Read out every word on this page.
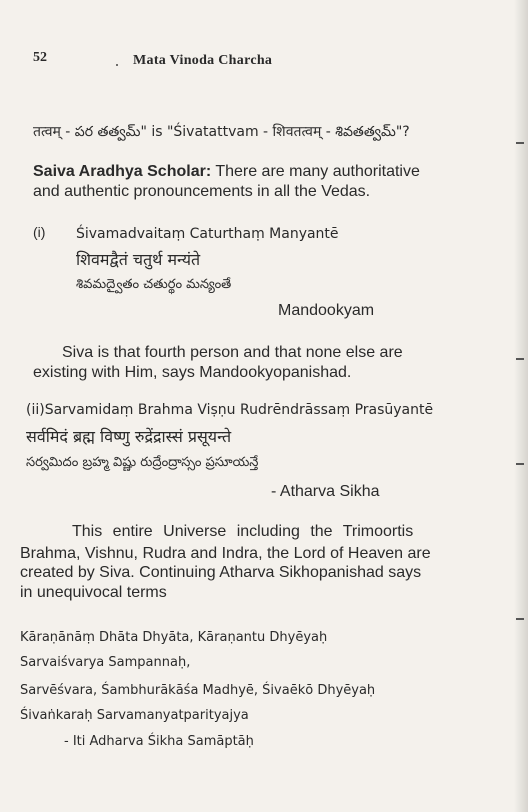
52	Mata Vinoda Charcha
तत्वम् - పర తత్వమ్" is "Śivatattvam - शिवतत्वम् - శివతత్వమ్"?
Saiva Aradhya Scholar: There are many authoritative
and authentic pronouncements in all the Vedas.
(i) Śivamadvaitaṃ Caturthaṃ Manyantē
शिवमद्वैतं चतुर्थ मन्यंते
శివమద్వైతం చతుర్థం మన్యంతే
Mandookyam
Siva is that fourth person and that none else are
existing with Him, says Mandookyopanishad.
(ii)Sarvamidaṃ Brahma Viṣṇu Rudrēndrāssaṃ Prasūyantē
सर्वमिदं ब्रह्म विष्णु रुद्रेंद्रास्सं प्रसूयन्ते
సర్వమిదం బ్రహ్మ విష్ణు రుద్రేంద్రాస్సం ప్రసూయన్తే
- Atharva Sikha
This entire Universe including the Trimoortis
Brahma, Vishnu, Rudra and Indra, the Lord of Heaven are
created by Siva. Continuing Atharva Sikhopanishad says
in unequivocal terms
Kāraṇānāṃ Dhāta Dhyāta, Kāraṇantu Dhyēyaḥ
Sarvaiśvarya Sampannaḥ,
Sarvēśvara, Śambhurākāśa Madhyē, Śivaēkō Dhyēyaḥ
Śivaṅkaraḥ Sarvamanyatparityajya
- Iti Adharva Śikha Samāptāḥ
